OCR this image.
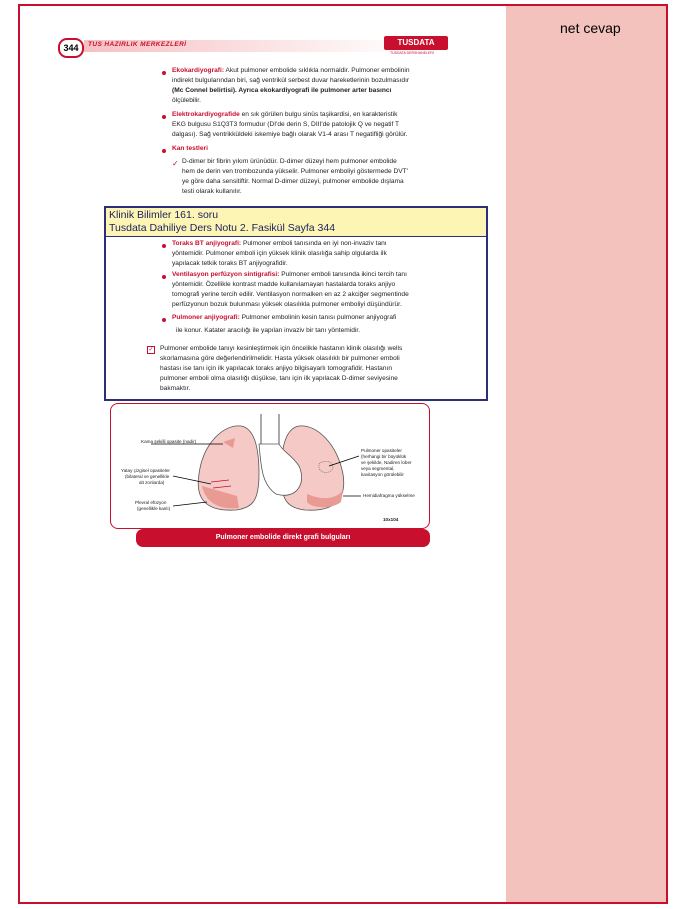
net cevap
344	TUS HAZIRLIK MERKEZLERİ	TUSDATA
TUSDATA DERSHANELERİ
Ekokardiyografi: Akut pulmoner embolide sıklıkla normaldir. Pulmoner embolinin
indirekt bulgularından biri, sağ ventrikül serbest duvar hareketlerinin bozulmasıdır
(Mc Connel belirtisi). Ayrıca ekokardiyografi ile pulmoner arter basıncı
ölçülebilir.
Elektrokardiyografide en sık görülen bulgu sinüs taşikardisi, en karakteristik
EKG bulgusu S1Q3T3 formudur (DI'de derin S, DIII'de patolojik Q ve negatif T
dalgası). Sağ ventrikküldeki iskemiye bağlı olarak V1-4 arası T negatifliği görülür.
Kan testleri
✓ D-dimer bir fibrin yıkım ürünüdür. D-dimer düzeyi hem pulmoner embolide
hem de derin ven trombozunda yükselir. Pulmoner emboliyi göstermede DVT'
ye göre daha sensitiftir. Normal D-dimer düzeyi, pulmoner embolide dışlama
testi olarak kullanılır.
Klinik Bilimler 161. soru
Tusdata Dahiliye Ders Notu 2. Fasikül Sayfa 344
Toraks BT anjiyografi: Pulmoner emboli tanısında en iyi non-invaziv tanı
yöntemidir. Pulmoner emboli için yüksek klinik olasılığa sahip olgularda ilk
yapılacak tetkik toraks BT anjiyografidir.
Ventilasyon perfüzyon sintigrafisi: Pulmoner emboli tanısında ikinci tercih tanı
yöntemidir. Özellikle kontrast madde kullanılamayan hastalarda toraks anjiyo
tomografi yerine tercih edilir. Ventilasyon normalken en az 2 akciğer segmentinde
perfüzyonun bozuk bulunması yüksek olasılıkla pulmoner emboliyi düşündürür.
Pulmoner anjiyografi: Pulmoner embolinin kesin tanısı pulmoner anjiyografi
ile konur. Katater aracılığı ile yapılan invaziv bir tanı yöntemidir.
✓ Pulmoner embolide tanıyı kesinleştirmek için öncelikle hastanın klinik olasılığı wells
skorlamasına göre değerlendirilmelidir. Hasta yüksek olasılıklı bir pulmoner emboli
hastası ise tanı için ilk yapılacak toraks anjiyo bilgisayarlı tomografidir. Hastanın
pulmoner emboli olma olasılığı düşükse, tanı için ilk yapılacak D-dimer seviyesine
bakmaktır.
Kama şekilli opasite (nadir)
Yatay çizgisel opasiteler
(bilateral ve genellikle
alt zonlarda)
Plevral efüzyon
(genellikle kanlı)
Pulmoner opasiteler
(herhangi bir büyüklük
ve şekilde, Nadiren lober
veya segmental,
kavitasyon görülebilir
Hemidiafragma yükselme
10x104
Pulmoner embolide direkt grafi bulguları
